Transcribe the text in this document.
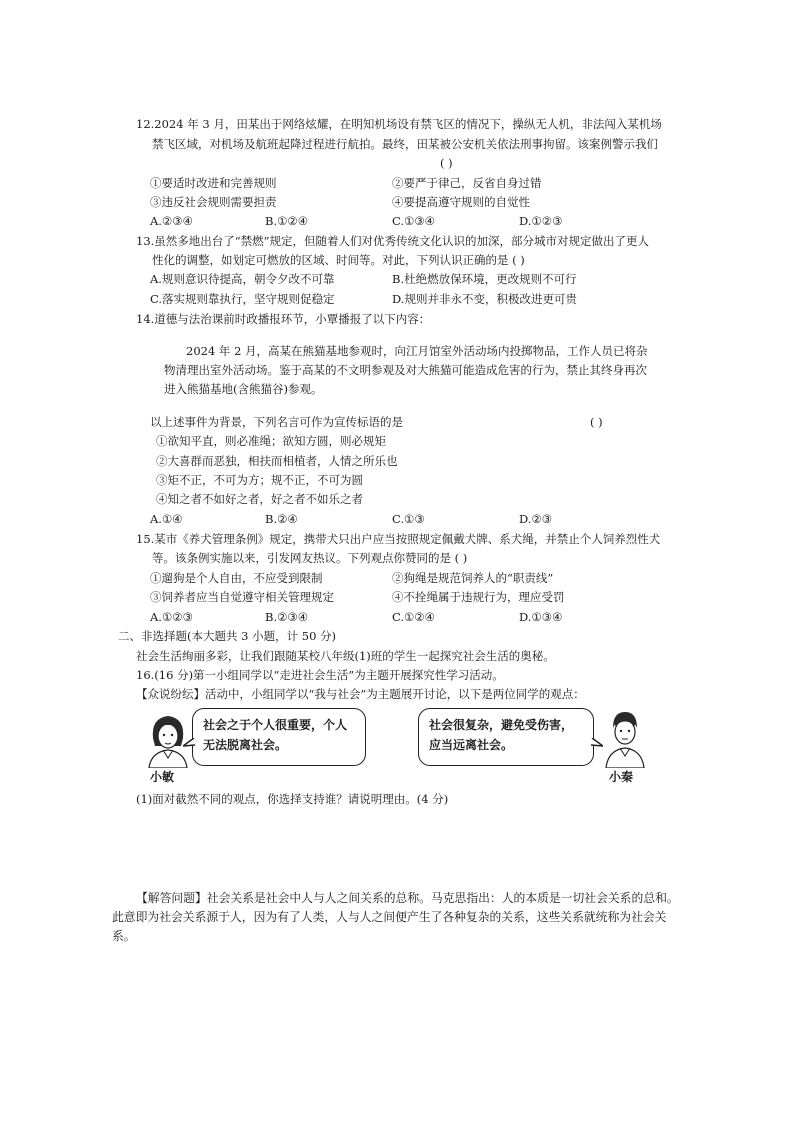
12.2024 年 3 月，田某出于网络炫耀，在明知机场设有禁飞区的情况下，操纵无人机，非法闯入某机场
禁飞区域，对机场及航班起降过程进行航拍。最终，田某被公安机关依法刑事拘留。该案例警示我们
( )
①要适时改进和完善规则	②要严于律己，反省自身过错
③违反社会规则需要担责	④要提高遵守规则的自觉性
A.②③④	B.①②④	C.①③④	D.①②③
13.虽然多地出台了“禁燃”规定，但随着人们对优秀传统文化认识的加深，部分城市对规定做出了更人
性化的调整，如划定可燃放的区域、时间等。对此，下列认识正确的是 ( )
A.规则意识待提高，朝令夕改不可靠	B.杜绝燃放保环境，更改规则不可行
C.落实规则靠执行，坚守规则促稳定	D.规则并非永不变，积极改进更可贵
14.道德与法治课前时政播报环节，小覃播报了以下内容：
2024 年 2 月，高某在熊猫基地参观时，向江月馆室外活动场内投掷物品，工作人员已将杂
物清理出室外活动场。鉴于高某的不文明参观及对大熊猫可能造成危害的行为，禁止其终身再次
进入熊猫基地(含熊猫谷)参观。
以上述事件为背景，下列名言可作为宣传标语的是	( )
①欲知平直，则必准绳；欲知方圆，则必规矩
②大喜群而恶独，相扶而相植者，人情之所乐也
③矩不正，不可为方；规不正，不可为圆
④知之者不如好之者，好之者不如乐之者
A.①④	B.②④	C.①③	D.②③
15.某市《养犬管理条例》规定，携带犬只出户应当按照规定佩戴犬牌、系犬绳，并禁止个人饲养烈性犬
等。该条例实施以来，引发网友热议。下列观点你赞同的是 ( )
①遛狗是个人自由，不应受到限制	②狗绳是规范饲养人的“职责线”
③饲养者应当自觉遵守相关管理规定	④不拴绳属于违规行为，理应受罚
A.①②③	B.②③④	C.①②④	D.①③④
二、非选择题(本大题共 3 小题，计 50 分)
社会生活绚丽多彩，让我们跟随某校八年级(1)班的学生一起探究社会生活的奥秘。
16.(16 分)第一小组同学以“走进社会生活”为主题开展探究性学习活动。
【众说纷纭】活动中，小组同学以“我与社会”为主题展开讨论，以下是两位同学的观点：
小敏
社会之于个人很重要，个人无法脱离社会。
社会很复杂，避免受伤害，应当远离社会。
小秦
(1)面对截然不同的观点，你选择支持谁？请说明理由。(4 分)
【解答问题】社会关系是社会中人与人之间关系的总称。马克思指出：人的本质是一切社会关系的总和。
此意即为社会关系源于人，因为有了人类，人与人之间便产生了各种复杂的关系，这些关系就统称为社会关
系。
